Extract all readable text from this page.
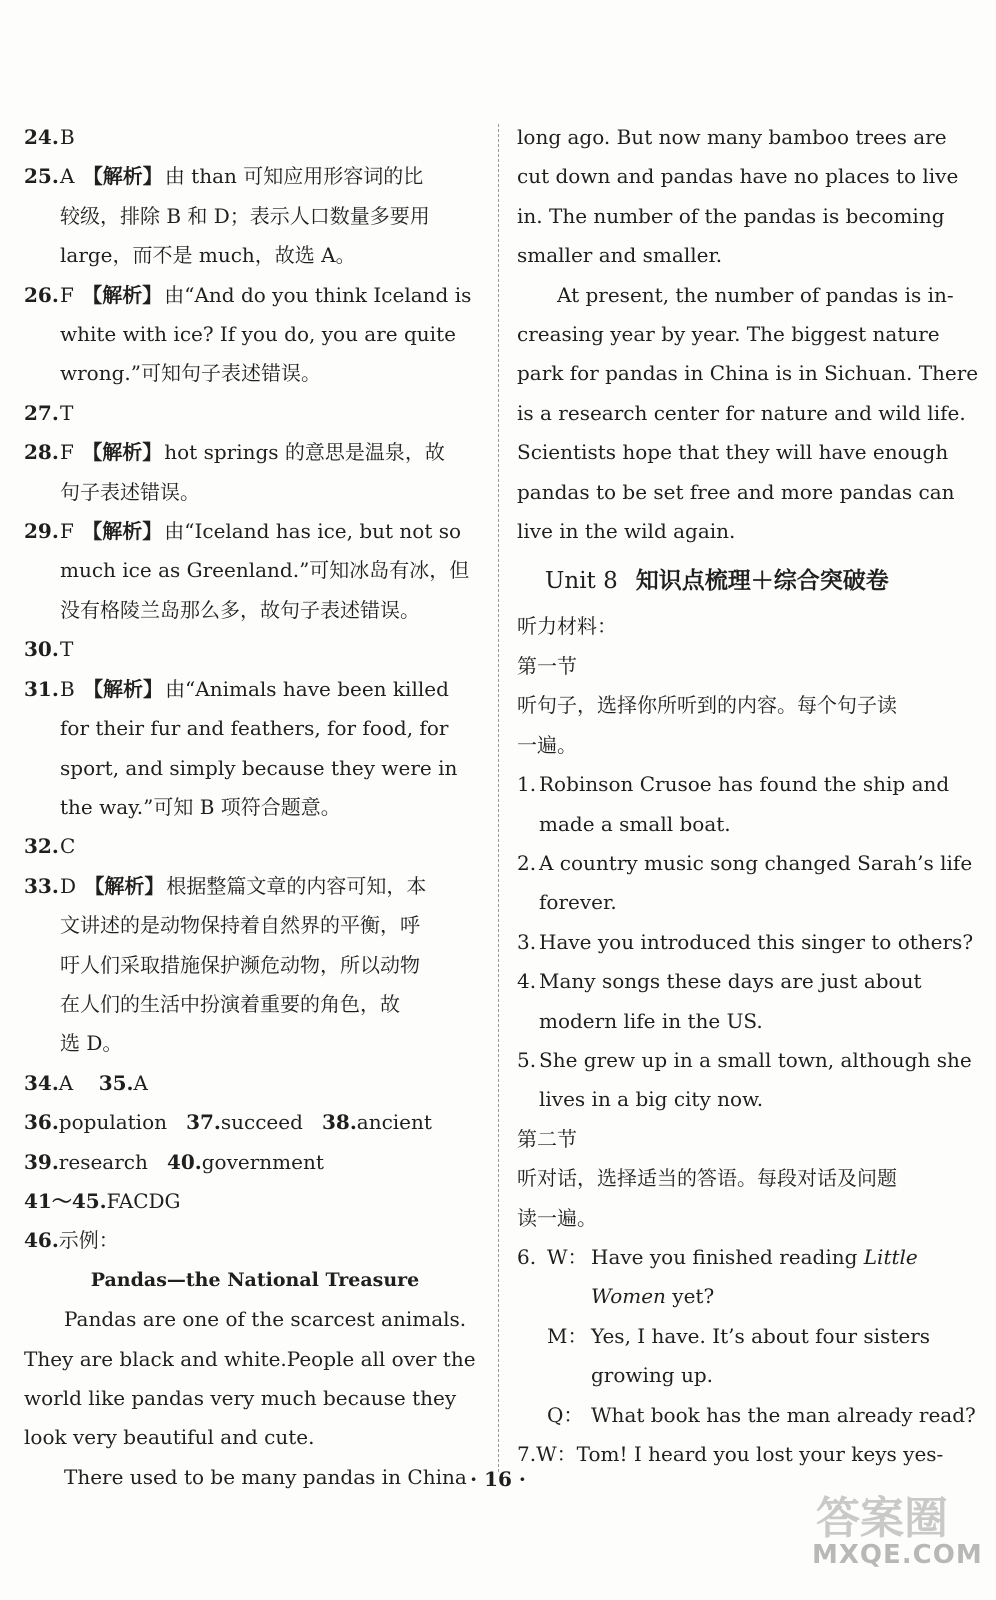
24. B
25. A 【解析】 由 than 可知应用形容词的比
较级，排除 B 和 D；表示人口数量多要用
large，而不是 much，故选 A。
26. F 【解析】 由“And do you think Iceland is
white with ice? If you do, you are quite
wrong.”可知句子表述错误。
27. T
28. F 【解析】 hot springs 的意思是温泉，故
句子表述错误。
29. F 【解析】 由“Iceland has ice, but not so
much ice as Greenland.”可知冰岛有冰，但
没有格陵兰岛那么多，故句子表述错误。
30. T
31. B 【解析】 由“Animals have been killed
for their fur and feathers, for food, for
sport, and simply because they were in
the way.”可知 B 项符合题意。
32. C
33. D 【解析】 根据整篇文章的内容可知，本
文讲述的是动物保持着自然界的平衡，呼
吁人们采取措施保护濒危动物，所以动物
在人们的生活中扮演着重要的角色，故
选 D。
34.A 35.A
36.population 37.succeed 38.ancient
39.research 40.government
41～45.FACDG
46.示例：
Pandas—the National Treasure
Pandas are one of the scarcest animals.
They are black and white.People all over the
world like pandas very much because they
look very beautiful and cute.
There used to be many pandas in China
long ago. But now many bamboo trees are
cut down and pandas have no places to live
in. The number of the pandas is becoming
smaller and smaller.
At present, the number of pandas is in-
creasing year by year. The biggest nature
park for pandas in China is in Sichuan. There
is a research center for nature and wild life.
Scientists hope that they will have enough
pandas to be set free and more pandas can
live in the wild again.
Unit 8 知识点梳理＋综合突破卷
听力材料：
第一节
听句子，选择你所听到的内容。每个句子读
一遍。
1. Robinson Crusoe has found the ship and
made a small boat.
2. A country music song changed Sarah’s life
forever.
3. Have you introduced this singer to others?
4. Many songs these days are just about
modern life in the US.
5. She grew up in a small town, although she
lives in a big city now.
第二节
听对话，选择适当的答语。每段对话及问题
读一遍。
6. W： Have you finished reading Little
Women yet?
M： Yes, I have. It’s about four sisters
growing up.
Q： What book has the man already read?
7.W：Tom! I heard you lost your keys yes-
· 16 ·
答案圈
MXQE.COM
